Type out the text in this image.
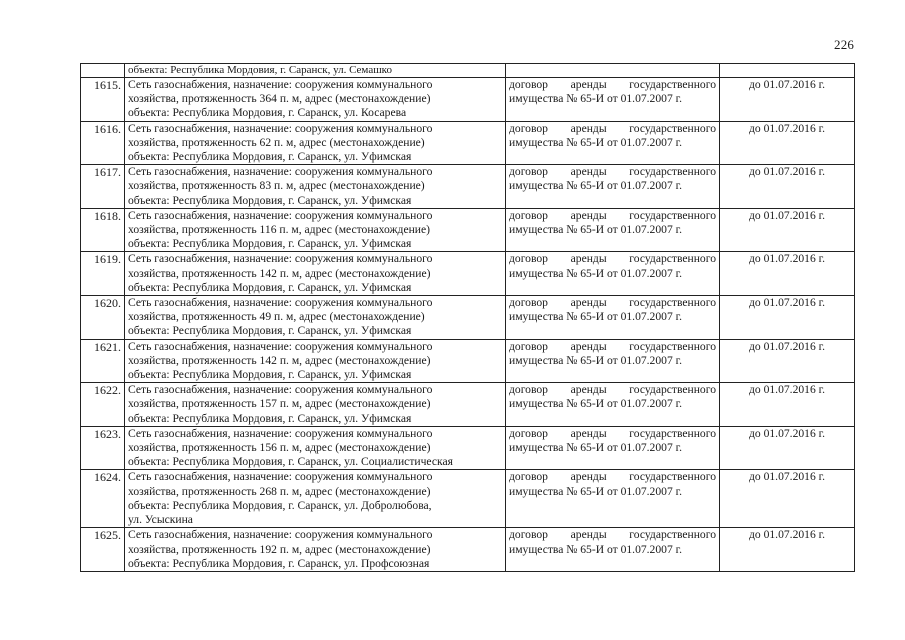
226

	объекта: Республика Мордовия, г. Саранск, ул. Семашко		

1615.	Сеть газоснабжения, назначение: сооружения коммунального
хозяйства, протяженность 364 п. м, адрес (местонахождение)
объекта: Республика Мордовия, г. Саранск, ул. Косарева	договор аренды государственного имущества № 65-И от 01.07.2007 г.	до 01.07.2016 г.
1616.	Сеть газоснабжения, назначение: сооружения коммунального
хозяйства, протяженность 62 п. м, адрес (местонахождение)
объекта: Республика Мордовия, г. Саранск, ул. Уфимская	договор аренды государственного имущества № 65-И от 01.07.2007 г.	до 01.07.2016 г.
1617.	Сеть газоснабжения, назначение: сооружения коммунального
хозяйства, протяженность 83 п. м, адрес (местонахождение)
объекта: Республика Мордовия, г. Саранск, ул. Уфимская	договор аренды государственного имущества № 65-И от 01.07.2007 г.	до 01.07.2016 г.
1618.	Сеть газоснабжения, назначение: сооружения коммунального
хозяйства, протяженность 116 п. м, адрес (местонахождение)
объекта: Республика Мордовия, г. Саранск, ул. Уфимская	договор аренды государственного имущества № 65-И от 01.07.2007 г.	до 01.07.2016 г.
1619.	Сеть газоснабжения, назначение: сооружения коммунального
хозяйства, протяженность 142 п. м, адрес (местонахождение)
объекта: Республика Мордовия, г. Саранск, ул. Уфимская	договор аренды государственного имущества № 65-И от 01.07.2007 г.	до 01.07.2016 г.
1620.	Сеть газоснабжения, назначение: сооружения коммунального
хозяйства, протяженность 49 п. м, адрес (местонахождение)
объекта: Республика Мордовия, г. Саранск, ул. Уфимская	договор аренды государственного имущества № 65-И от 01.07.2007 г.	до 01.07.2016 г.
1621.	Сеть газоснабжения, назначение: сооружения коммунального
хозяйства, протяженность 142 п. м, адрес (местонахождение)
объекта: Республика Мордовия, г. Саранск, ул. Уфимская	договор аренды государственного имущества № 65-И от 01.07.2007 г.	до 01.07.2016 г.
1622.	Сеть газоснабжения, назначение: сооружения коммунального
хозяйства, протяженность 157 п. м, адрес (местонахождение)
объекта: Республика Мордовия, г. Саранск, ул. Уфимская	договор аренды государственного имущества № 65-И от 01.07.2007 г.	до 01.07.2016 г.
1623.	Сеть газоснабжения, назначение: сооружения коммунального
хозяйства, протяженность 156 п. м, адрес (местонахождение)
объекта: Республика Мордовия, г. Саранск, ул. Социалистическая	договор аренды государственного имущества № 65-И от 01.07.2007 г.	до 01.07.2016 г.
1624.	Сеть газоснабжения, назначение: сооружения коммунального
хозяйства, протяженность 268 п. м, адрес (местонахождение)
объекта: Республика Мордовия, г. Саранск, ул. Добролюбова,
ул. Усыскина	договор аренды государственного имущества № 65-И от 01.07.2007 г.	до 01.07.2016 г.
1625.	Сеть газоснабжения, назначение: сооружения коммунального
хозяйства, протяженность 192 п. м, адрес (местонахождение)
объекта: Республика Мордовия, г. Саранск, ул. Профсоюзная	договор аренды государственного имущества № 65-И от 01.07.2007 г.	до 01.07.2016 г.
